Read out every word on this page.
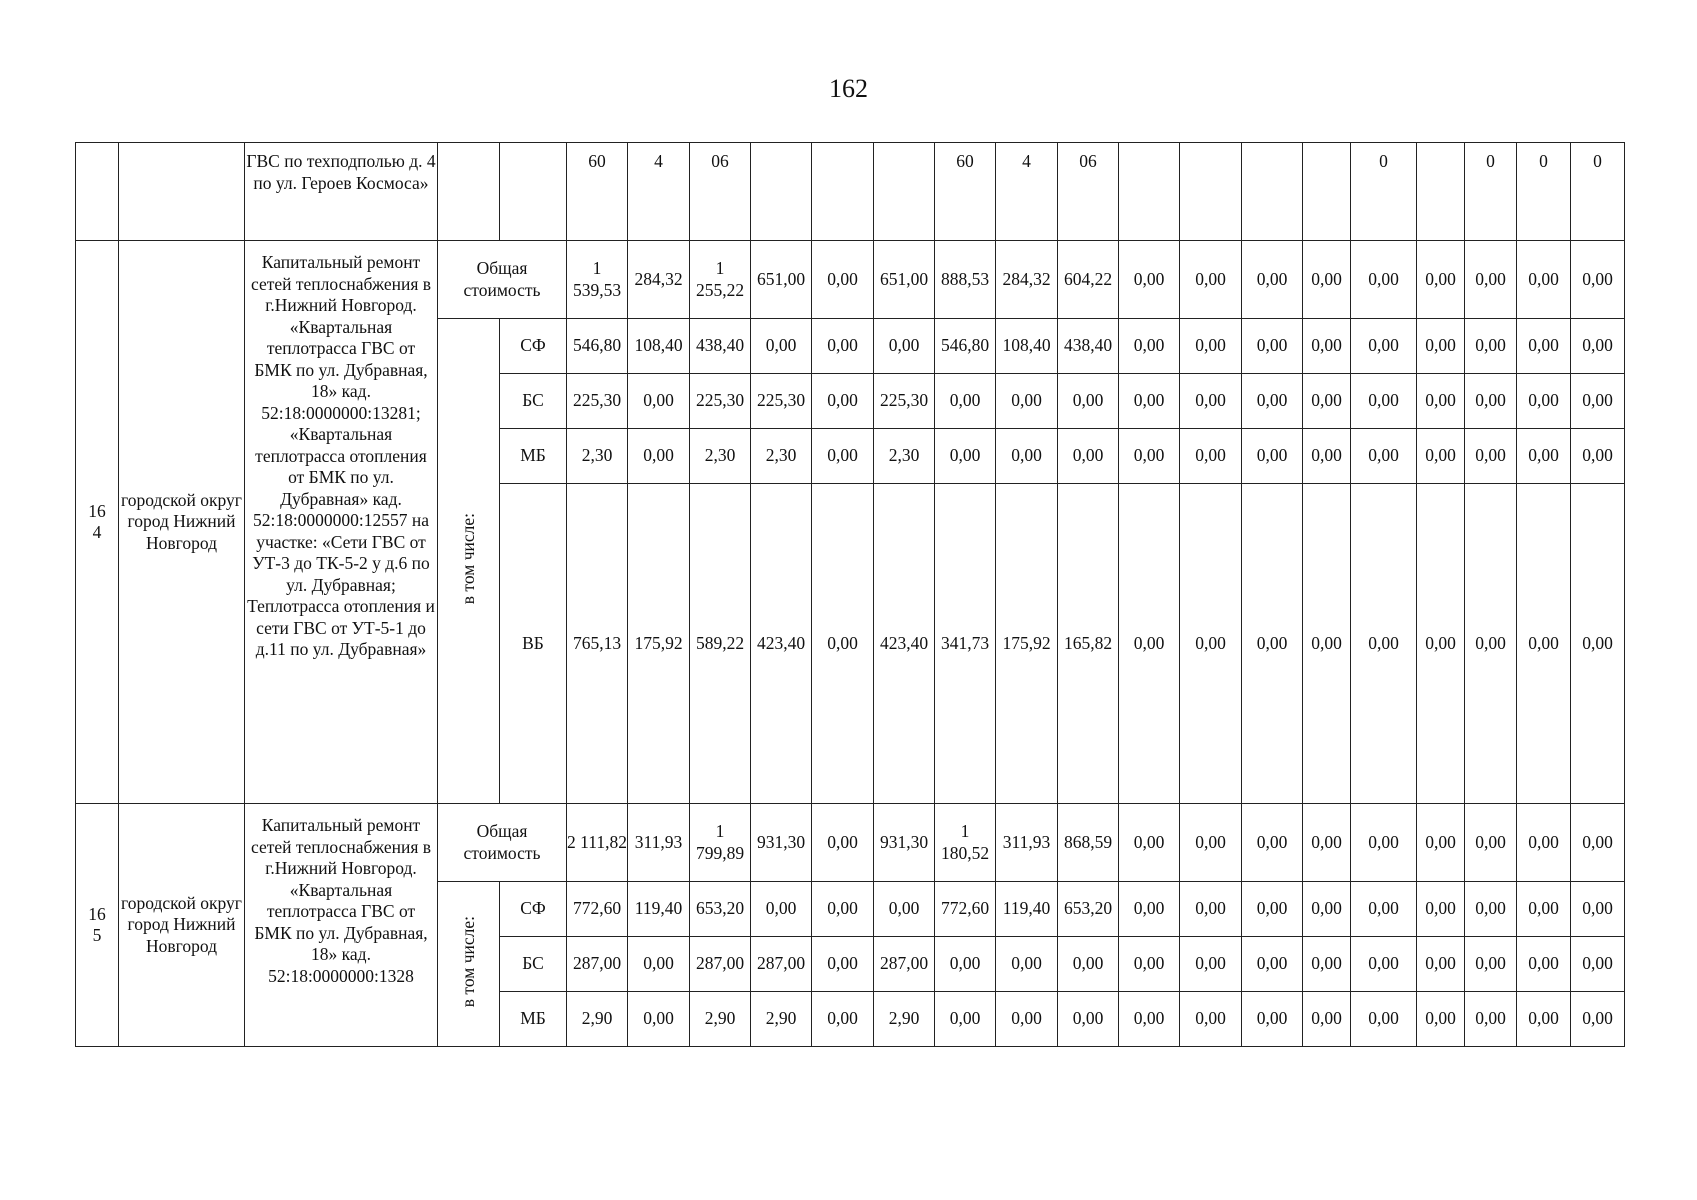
162
		ГВС по техподполью д. 4 по ул. Героев Космоса»			60	4	06				60	4	06					0		0	0	0

164	городской округ город Нижний Новгород	Капитальный ремонт сетей теплоснабжения в г.Нижний Новгород. «Квартальная теплотрасса ГВС от БМК по ул. Дубравная, 18» кад. 52:18:0000000:13281; «Квартальная теплотрасса отопления от БМК по ул. Дубравная» кад. 52:18:0000000:12557 на участке: «Сети ГВС от УТ-3 до ТК-5-2 у д.6 по ул. Дубравная; Теплотрасса отопления и сети ГВС от УТ-5-1 до д.11 по ул. Дубравная»	Общая стоимость		1 539,53	284,32	1 255,22	651,00	0,00	651,00	888,53	284,32	604,22	0,00	0,00	0,00	0,00	0,00	0,00	0,00	0,00	0,00

			в том числе:	СФ	546,80	108,40	438,40	0,00	0,00	0,00	546,80	108,40	438,40	0,00	0,00	0,00	0,00	0,00	0,00	0,00	0,00	0,00

				БС	225,30	0,00	225,30	225,30	0,00	225,30	0,00	0,00	0,00	0,00	0,00	0,00	0,00	0,00	0,00	0,00	0,00	0,00

				МБ	2,30	0,00	2,30	2,30	0,00	2,30	0,00	0,00	0,00	0,00	0,00	0,00	0,00	0,00	0,00	0,00	0,00	0,00

				ВБ	765,13	175,92	589,22	423,40	0,00	423,40	341,73	175,92	165,82	0,00	0,00	0,00	0,00	0,00	0,00	0,00	0,00	0,00

165	городской округ город Нижний Новгород	Капитальный ремонт сетей теплоснабжения в г.Нижний Новгород. «Квартальная теплотрасса ГВС от БМК по ул. Дубравная, 18» кад. 52:18:0000000:1328	Общая стоимость		2 111,82	311,93	1 799,89	931,30	0,00	931,30	1 180,52	311,93	868,59	0,00	0,00	0,00	0,00	0,00	0,00	0,00	0,00	0,00

			в том числе:	СФ	772,60	119,40	653,20	0,00	0,00	0,00	772,60	119,40	653,20	0,00	0,00	0,00	0,00	0,00	0,00	0,00	0,00	0,00

				БС	287,00	0,00	287,00	287,00	0,00	287,00	0,00	0,00	0,00	0,00	0,00	0,00	0,00	0,00	0,00	0,00	0,00	0,00

				МБ	2,90	0,00	2,90	2,90	0,00	2,90	0,00	0,00	0,00	0,00	0,00	0,00	0,00	0,00	0,00	0,00	0,00	0,00
